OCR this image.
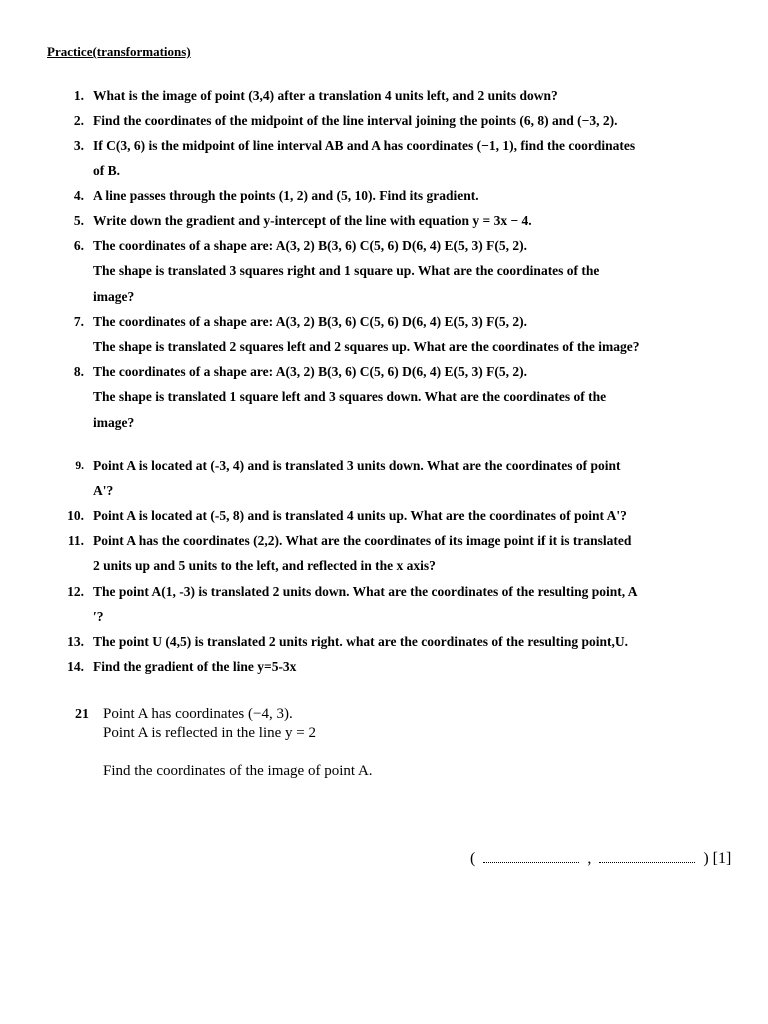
Practice(transformations)
1. What is the image of point (3,4) after a translation 4 units left, and 2 units down?
2. Find the coordinates of the midpoint of the line interval joining the points (6, 8) and (−3, 2).
3. If C(3, 6) is the midpoint of line interval AB and A has coordinates (−1, 1), find the coordinates
of B.
4. A line passes through the points (1, 2) and (5, 10). Find its gradient.
5. Write down the gradient and y-intercept of the line with equation y = 3x − 4.
6. The coordinates of a shape are: A(3, 2) B(3, 6) C(5, 6) D(6, 4) E(5, 3) F(5, 2).
The shape is translated 3 squares right and 1 square up. What are the coordinates of the
image?
7. The coordinates of a shape are: A(3, 2) B(3, 6) C(5, 6) D(6, 4) E(5, 3) F(5, 2).
The shape is translated 2 squares left and 2 squares up. What are the coordinates of the image?
8. The coordinates of a shape are: A(3, 2) B(3, 6) C(5, 6) D(6, 4) E(5, 3) F(5, 2).
The shape is translated 1 square left and 3 squares down. What are the coordinates of the
image?
9. Point A is located at (-3, 4) and is translated 3 units down. What are the coordinates of point
A'?
10. Point A is located at (-5, 8) and is translated 4 units up. What are the coordinates of point A'?
11. Point A has the coordinates (2,2). What are the coordinates of its image point if it is translated
2 units up and 5 units to the left, and reflected in the x axis?
12. The point A(1, -3) is translated 2 units down. What are the coordinates of the resulting point, A
′?
13. The point U (4,5) is translated 2 units right. what are the coordinates of the resulting point,U.
14. Find the gradient of the line y=5-3x
21 Point A has coordinates (−4, 3).
Point A is reflected in the line y = 2
Find the coordinates of the image of point A.
(	,	) [1]
